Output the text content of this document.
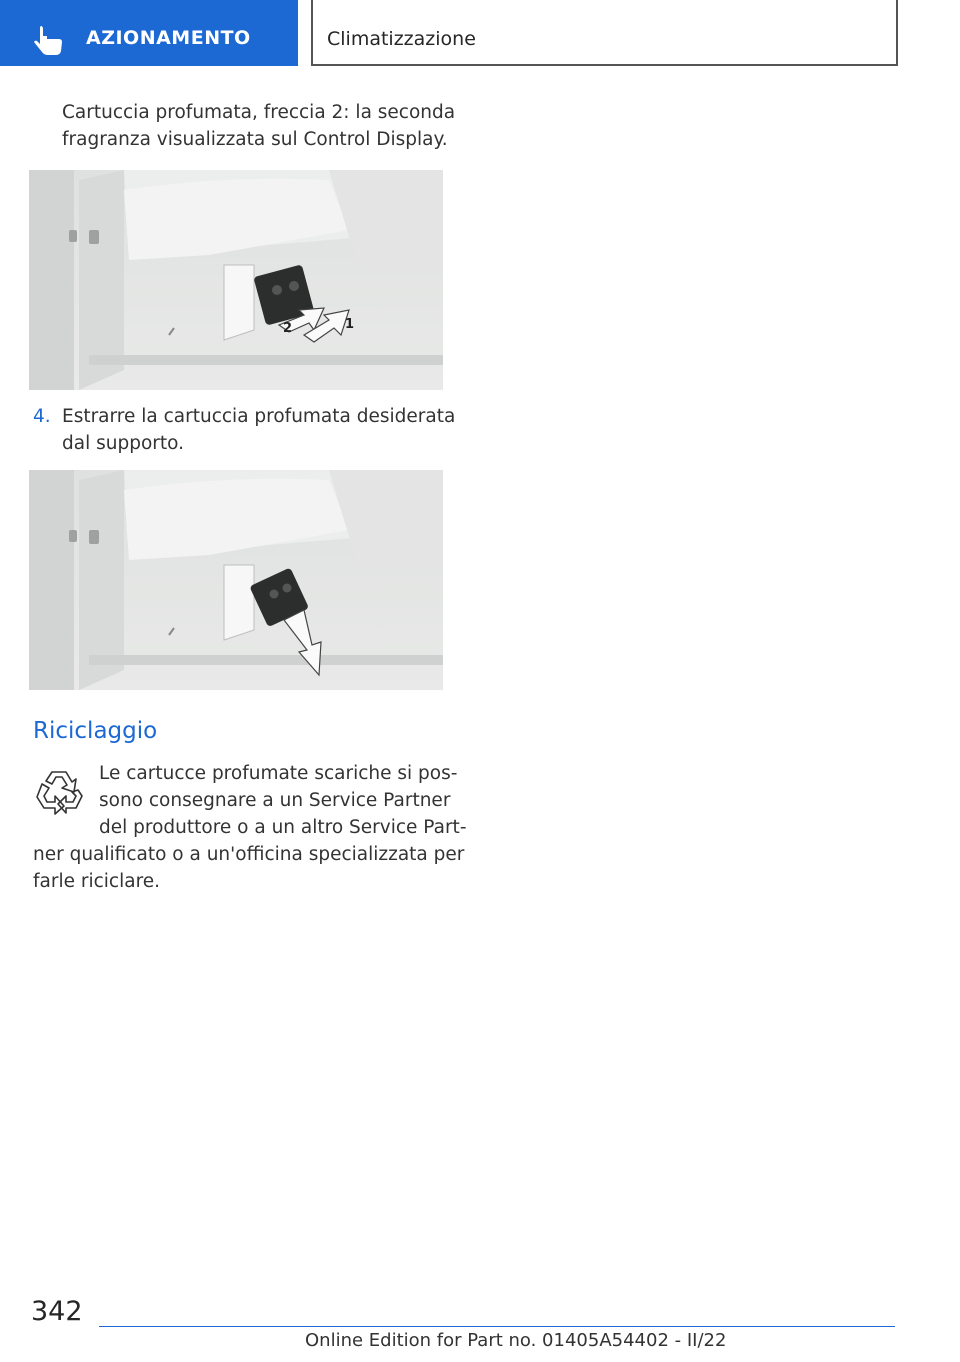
AZIONAMENTO	Climatizzazione

Cartuccia profumata, freccia 2: la seconda
fragranza visualizzata sul Control Display.

2	1

4. Estrarre la cartuccia profumata desiderata

dal supporto.

Riciclaggio

Le cartucce profumate scariche si pos‐
sono consegnare a un Service Partner
del produttore o a un altro Service Part‐

ner qualificato o a un'officina specializzata per
farle riciclare.

342
Online Edition for Part no. 01405A54402 - II/22
